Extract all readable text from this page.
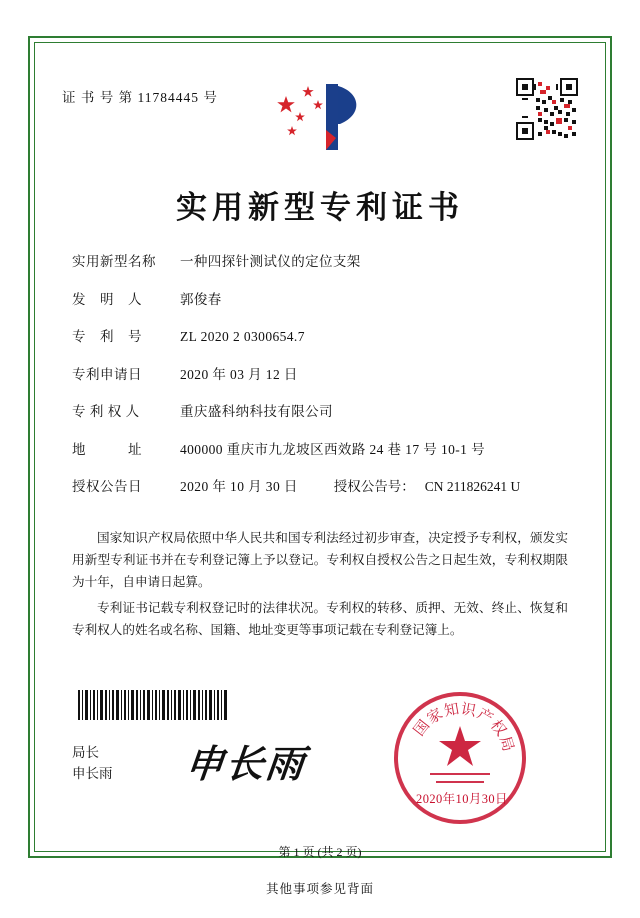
证 书 号 第 11784445 号
实用新型专利证书
实用新型名称	一种四探针测试仪的定位支架
发　明　人	郭俊春
专　利　号	ZL 2020 2 0300654.7
专利申请日	2020 年 03 月 12 日
专 利 权 人	重庆盛科纳科技有限公司
地　　　址	400000 重庆市九龙坡区西效路 24 巷 17 号 10-1 号
授权公告日	2020 年 10 月 30 日	授权公告号： CN 211826241 U

国家知识产权局依照中华人民共和国专利法经过初步审查，决定授予专利权，颁发实用新型专利证书并在专利登记簿上予以登记。专利权自授权公告之日起生效，专利权期限为十年，自申请日起算。

专利证书记载专利权登记时的法律状况。专利权的转移、质押、无效、终止、恢复和专利权人的姓名或名称、国籍、地址变更等事项记载在专利登记簿上。

局长
申长雨 申长雨
国
家
知 识
产
权
局
2020年10月30日
第 1 页 (共 2 页)
其他事项参见背面
